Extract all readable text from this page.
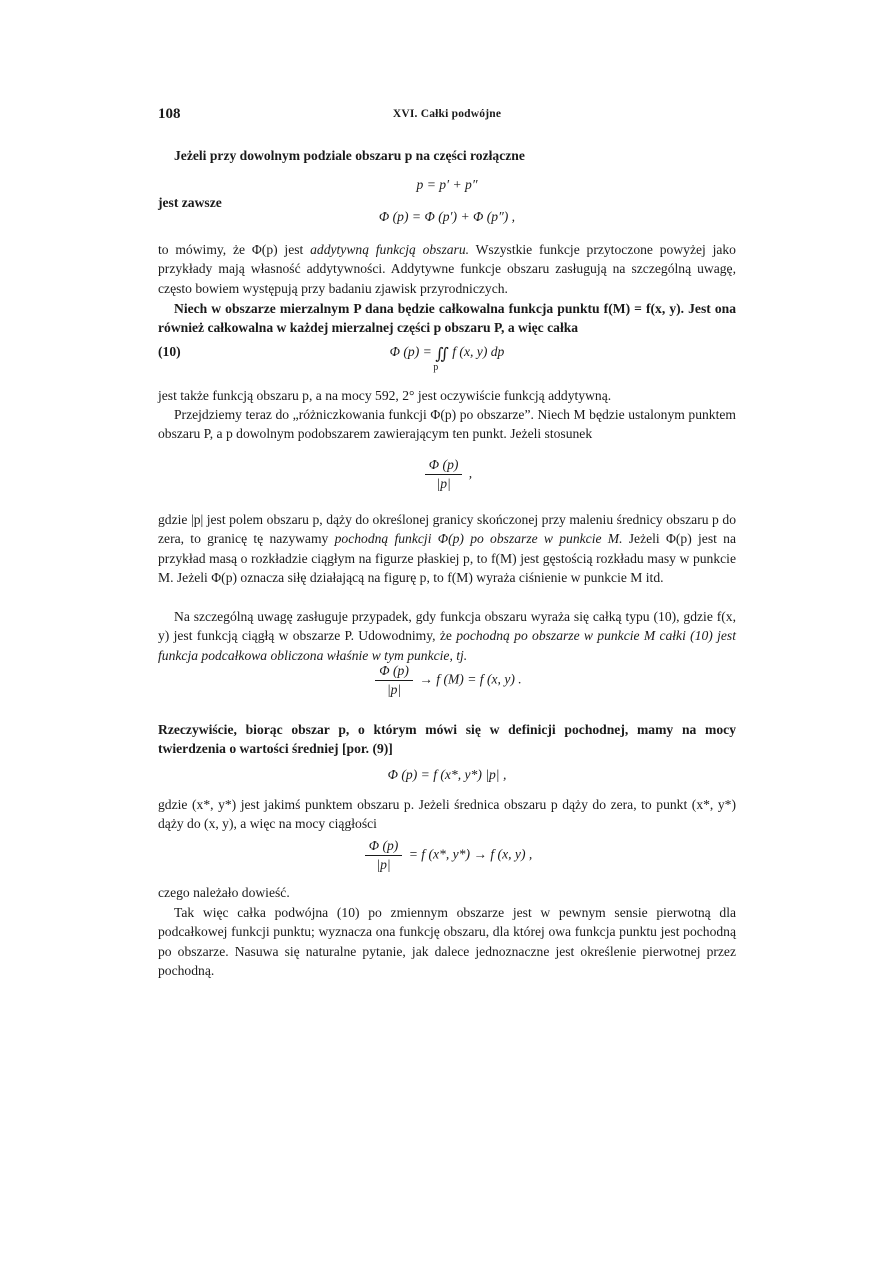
108	XVI. Całki podwójne
Jeżeli przy dowolnym podziale obszaru p na części rozłączne
p = p′ + p″
jest zawsze
Φ (p) = Φ (p′) + Φ (p″) ,
to mówimy, że Φ(p) jest addytywną funkcją obszaru. Wszystkie funkcje przytoczone powyżej jako przykłady mają własność addytywności. Addytywne funkcje obszaru zasługują na szczególną uwagę, często bowiem występują przy badaniu zjawisk przyrodniczych.
Niech w obszarze mierzalnym P dana będzie całkowalna funkcja punktu f(M) = f(x, y). Jest ona również całkowalna w każdej mierzalnej części p obszaru P, a więc całka
(10)	Φ (p) = ∬
p
f (x, y) dp
jest także funkcją obszaru p, a na mocy 592, 2° jest oczywiście funkcją addytywną.
Przejdziemy teraz do „różniczkowania funkcji Φ(p) po obszarze”. Niech M będzie ustalonym punktem obszaru P, a p dowolnym podobszarem zawierającym ten punkt. Jeżeli stosunek
$\frac{\Phi (p)}{|p|}$ ,
gdzie |p| jest polem obszaru p, dąży do określonej granicy skończonej przy maleniu średnicy obszaru p do zera, to granicę tę nazywamy pochodną funkcji Φ(p) po obszarze w punkcie M. Jeżeli Φ(p) jest na przykład masą o rozkładzie ciągłym na figurze płaskiej p, to f(M) jest gęstością rozkładu masy w punkcie M. Jeżeli Φ(p) oznacza siłę działającą na figurę p, to f(M) wyraża ciśnienie w punkcie M itd.
Na szczególną uwagę zasługuje przypadek, gdy funkcja obszaru wyraża się całką typu (10), gdzie f(x, y) jest funkcją ciągłą w obszarze P. Udowodnimy, że pochodną po obszarze w punkcie M całki (10) jest funkcja podcałkowa obliczona właśnie w tym punkcie, tj.
$\frac{\Phi (p)}{|p|} \to f$ (M) = f (x, y) .
Rzeczywiście, biorąc obszar p, o którym mówi się w definicji pochodnej, mamy na mocy twierdzenia o wartości średniej [por. (9)]
Φ (p) = f (x*, y*) |p| ,
gdzie (x*, y*) jest jakimś punktem obszaru p. Jeżeli średnica obszaru p dąży do zera, to punkt (x*, y*) dąży do (x, y), a więc na mocy ciągłości
$\frac{\Phi (p)}{|p|} = f$ (x*, y*) → f (x, y) ,
czego należało dowieść.
Tak więc całka podwójna (10) po zmiennym obszarze jest w pewnym sensie pierwotną dla podcałkowej funkcji punktu; wyznacza ona funkcję obszaru, dla której owa funkcja punktu jest pochodną po obszarze. Nasuwa się naturalne pytanie, jak dalece jednoznaczne jest określenie pierwotnej przez pochodną.
